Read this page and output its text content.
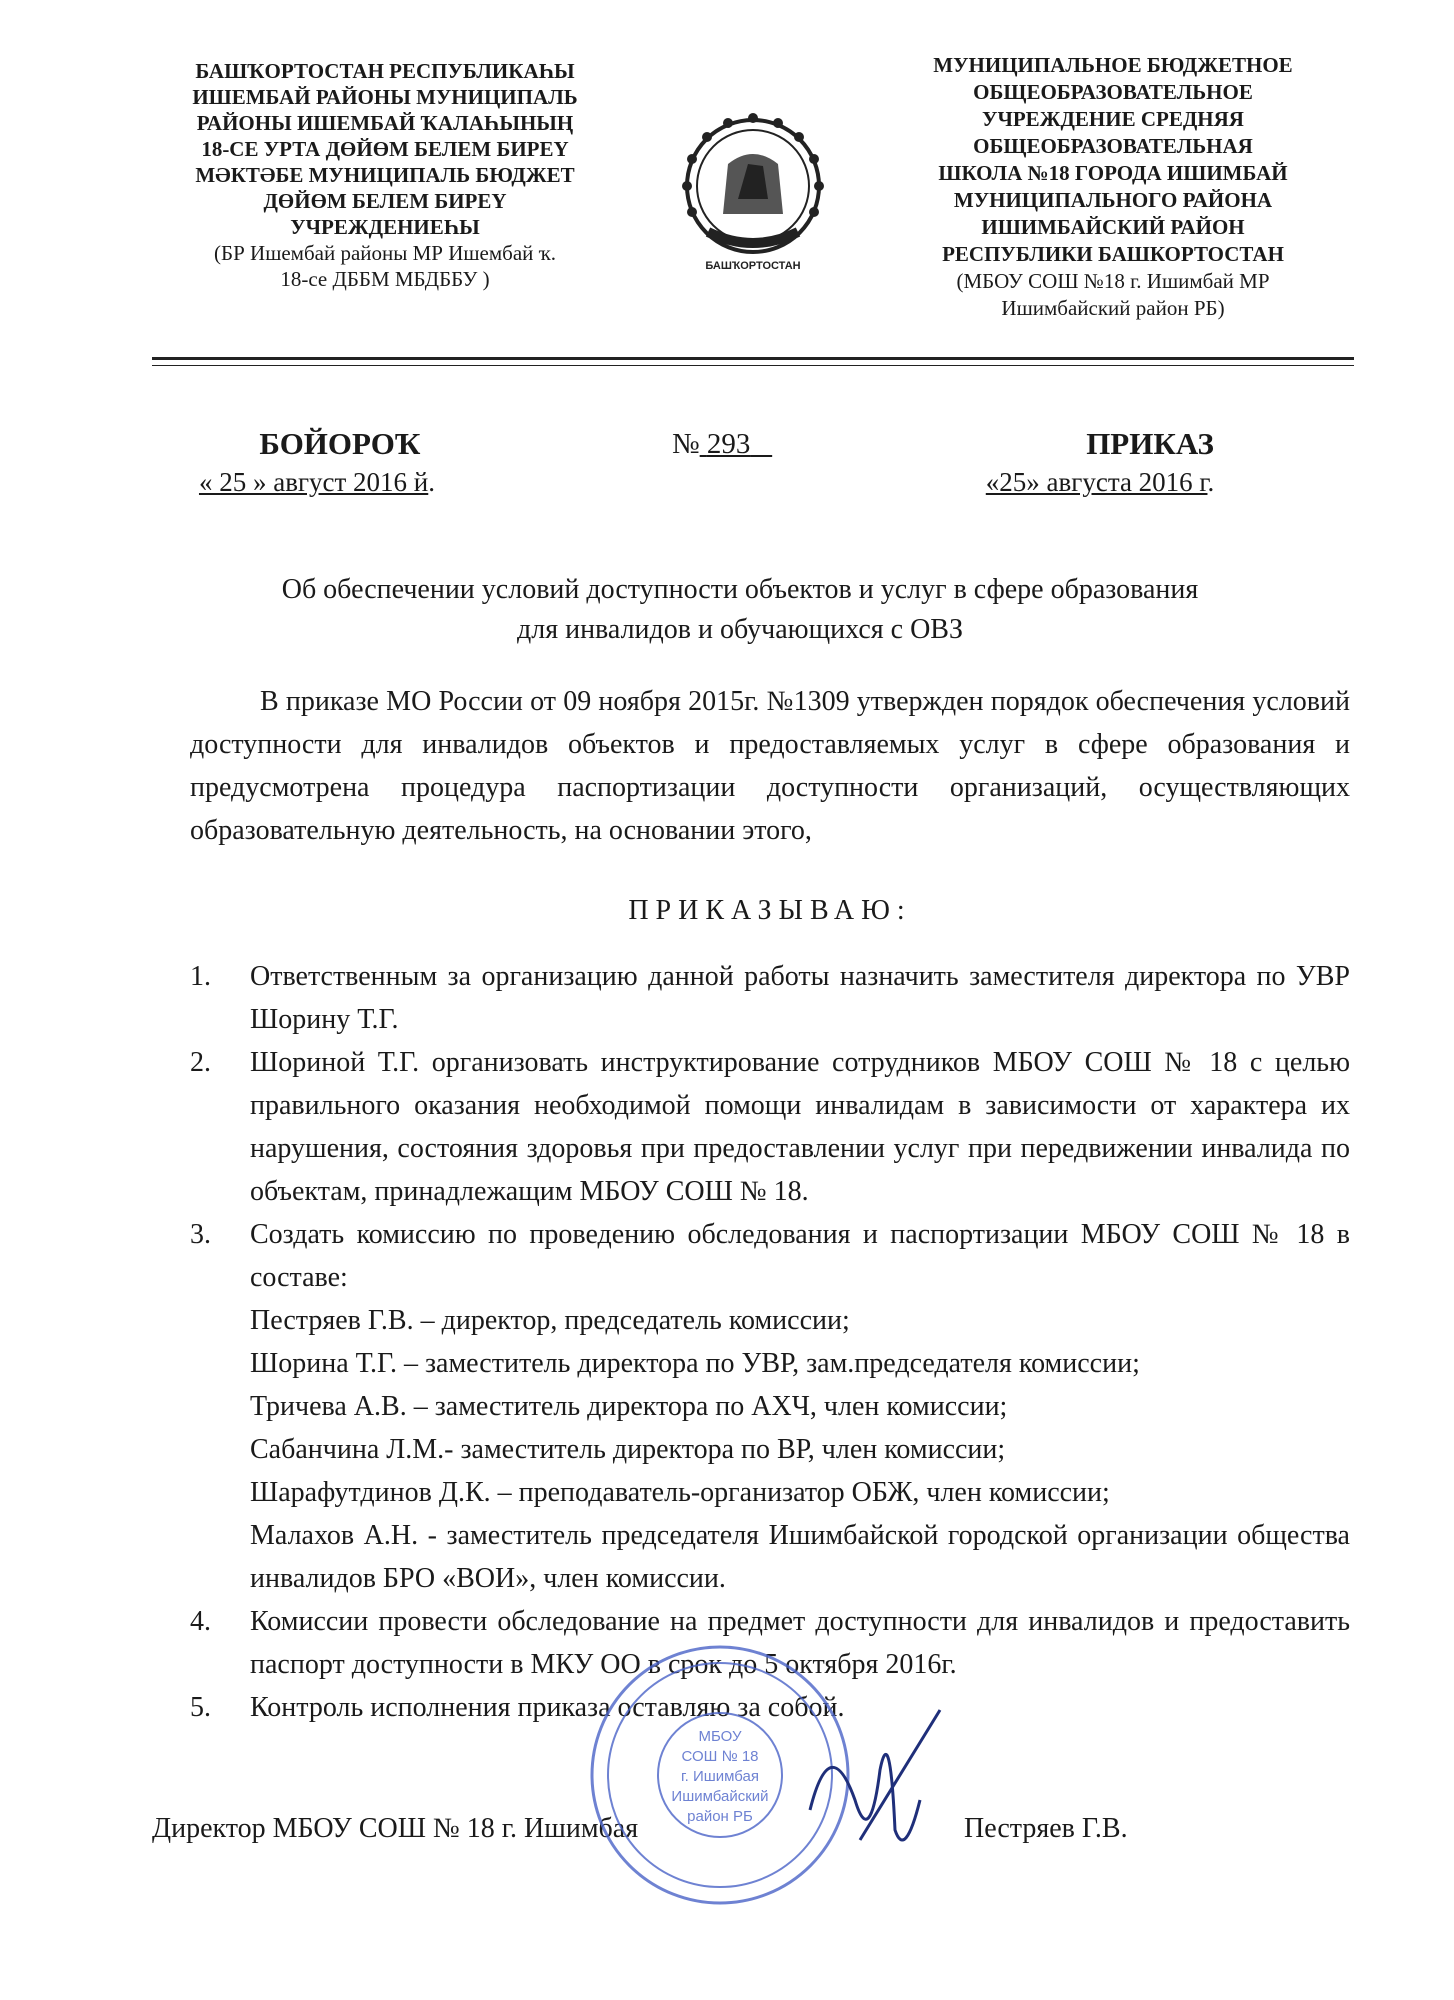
БАШҠОРТОСТАН РЕСПУБЛИКАҺЫ
ИШЕМБАЙ РАЙОНЫ МУНИЦИПАЛЬ
РАЙОНЫ ИШЕМБАЙ ҠАЛАҺЫНЫҢ
18-СЕ УРТА ДӨЙӨМ БЕЛЕМ БИРЕҮ
МӘКТӘБЕ МУНИЦИПАЛЬ БЮДЖЕТ
ДӨЙӨМ БЕЛЕМ БИРЕҮ
УЧРЕЖДЕНИЕҺЫ
(БР Ишембай районы МР Ишембай ҡ.
18-се ДББМ МБДББУ )
БАШҠОРТОСТАН
МУНИЦИПАЛЬНОЕ БЮДЖЕТНОЕ
ОБЩЕОБРАЗОВАТЕЛЬНОЕ
УЧРЕЖДЕНИЕ СРЕДНЯЯ
ОБЩЕОБРАЗОВАТЕЛЬНАЯ
ШКОЛА №18 ГОРОДА ИШИМБАЙ
МУНИЦИПАЛЬНОГО РАЙОНА
ИШИМБАЙСКИЙ РАЙОН
РЕСПУБЛИКИ БАШКОРТОСТАН
(МБОУ СОШ №18 г. Ишимбай МР
Ишимбайский район РБ)
БОЙОРОҠ
« 25 » август 2016 й.
№ 293	ПРИКАЗ
«25» августа 2016 г.
Об обеспечении условий доступности объектов и услуг в сфере образования
для инвалидов и обучающихся с ОВЗ
В приказе МО России от 09 ноября 2015г. №1309 утвержден порядок обеспечения условий доступности для инвалидов объектов и предоставляемых услуг в сфере образования и предусмотрена процедура паспортизации доступности организаций, осуществляющих образовательную деятельность, на основании этого,
ПРИКАЗЫВАЮ:
1.	Ответственным за организацию данной работы назначить заместителя директора по УВР Шорину Т.Г.
2.	Шориной Т.Г. организовать инструктирование сотрудников МБОУ СОШ № 18 с целью правильного оказания необходимой помощи инвалидам в зависимости от характера их нарушения, состояния здоровья при предоставлении услуг при передвижении инвалида по объектам, принадлежащим МБОУ СОШ № 18.
3.	Создать комиссию по проведению обследования и паспортизации МБОУ СОШ № 18 в составе:
Пестряев Г.В. – директор, председатель комиссии;
Шорина Т.Г. – заместитель директора по УВР, зам.председателя комиссии;
Тричева А.В. – заместитель директора по АХЧ, член комиссии;
Сабанчина Л.М.- заместитель директора по ВР, член комиссии;
Шарафутдинов Д.К. – преподаватель-организатор ОБЖ, член комиссии;
Малахов А.Н. - заместитель председателя Ишимбайской городской организации общества инвалидов БРО «ВОИ», член комиссии.
4.	Комиссии провести обследование на предмет доступности для инвалидов и предоставить паспорт доступности в МКУ ОО в срок до 5 октября 2016г.
5.	Контроль исполнения приказа оставляю за собой.
Директор МБОУ СОШ № 18 г. Ишимбая	Пестряев Г.В.
МБОУ
СОШ № 18
г. Ишимбая
Ишимбайский
район РБ
